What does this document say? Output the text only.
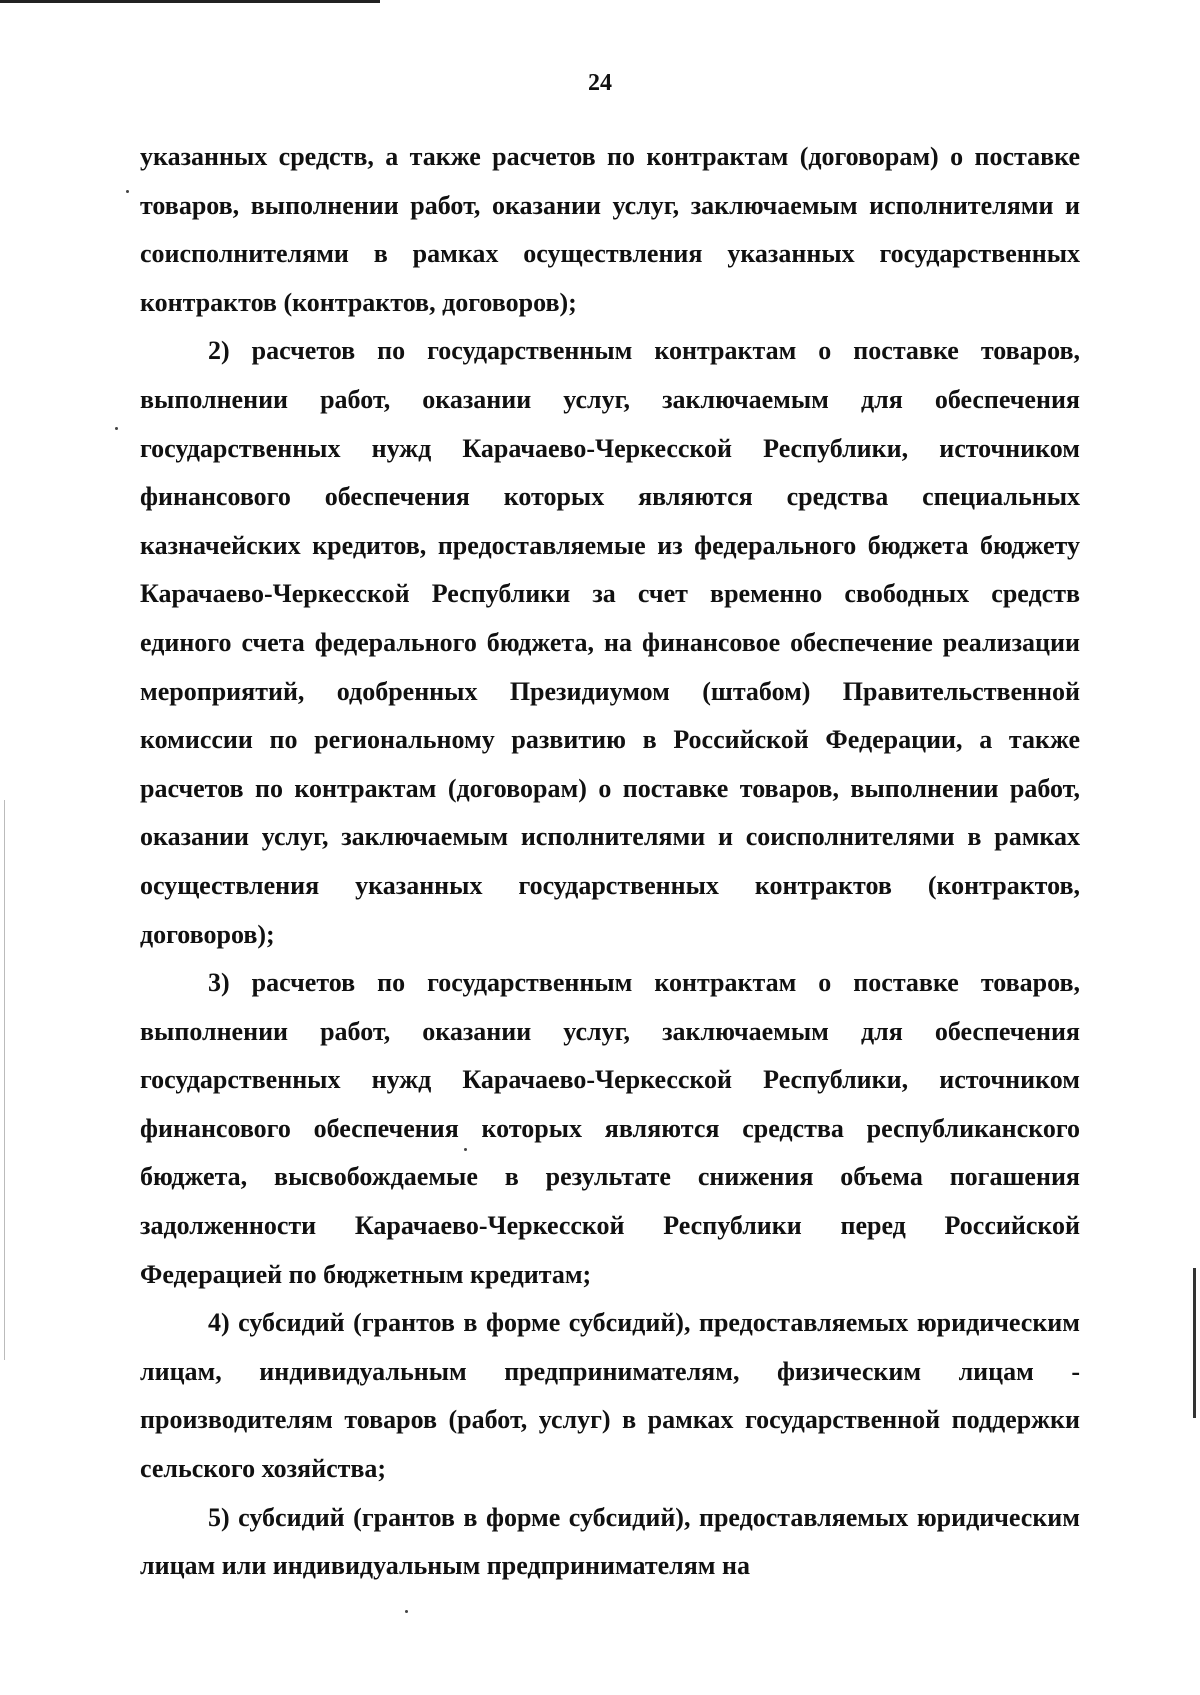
24

указанных средств, а также расчетов по контрактам (договорам) о поставке товаров, выполнении работ, оказании услуг, заключаемым исполнителями и соисполнителями в рамках осуществления указанных государственных контрактов (контрактов, договоров);

2) расчетов по государственным контрактам о поставке товаров, выполнении работ, оказании услуг, заключаемым для обеспечения государственных нужд Карачаево-Черкесской Республики, источником финансового обеспечения которых являются средства специальных казначейских кредитов, предоставляемые из федерального бюджета бюджету Карачаево-Черкесской Республики за счет временно свободных средств единого счета федерального бюджета, на финансовое обеспечение реализации мероприятий, одобренных Президиумом (штабом) Правительственной комиссии по региональному развитию в Российской Федерации, а также расчетов по контрактам (договорам) о поставке товаров, выполнении работ, оказании услуг, заключаемым исполнителями и соисполнителями в рамках осуществления указанных государственных контрактов (контрактов, договоров);

3) расчетов по государственным контрактам о поставке товаров, выполнении работ, оказании услуг, заключаемым для обеспечения государственных нужд Карачаево-Черкесской Республики, источником финансового обеспечения которых являются средства республиканского бюджета, высвобождаемые в результате снижения объема погашения задолженности Карачаево-Черкесской Республики перед Российской Федерацией по бюджетным кредитам;

4) субсидий (грантов в форме субсидий), предоставляемых юридическим лицам, индивидуальным предпринимателям, физическим лицам - производителям товаров (работ, услуг) в рамках государственной поддержки сельского хозяйства;

5) субсидий (грантов в форме субсидий), предоставляемых юридическим лицам или индивидуальным предпринимателям на
